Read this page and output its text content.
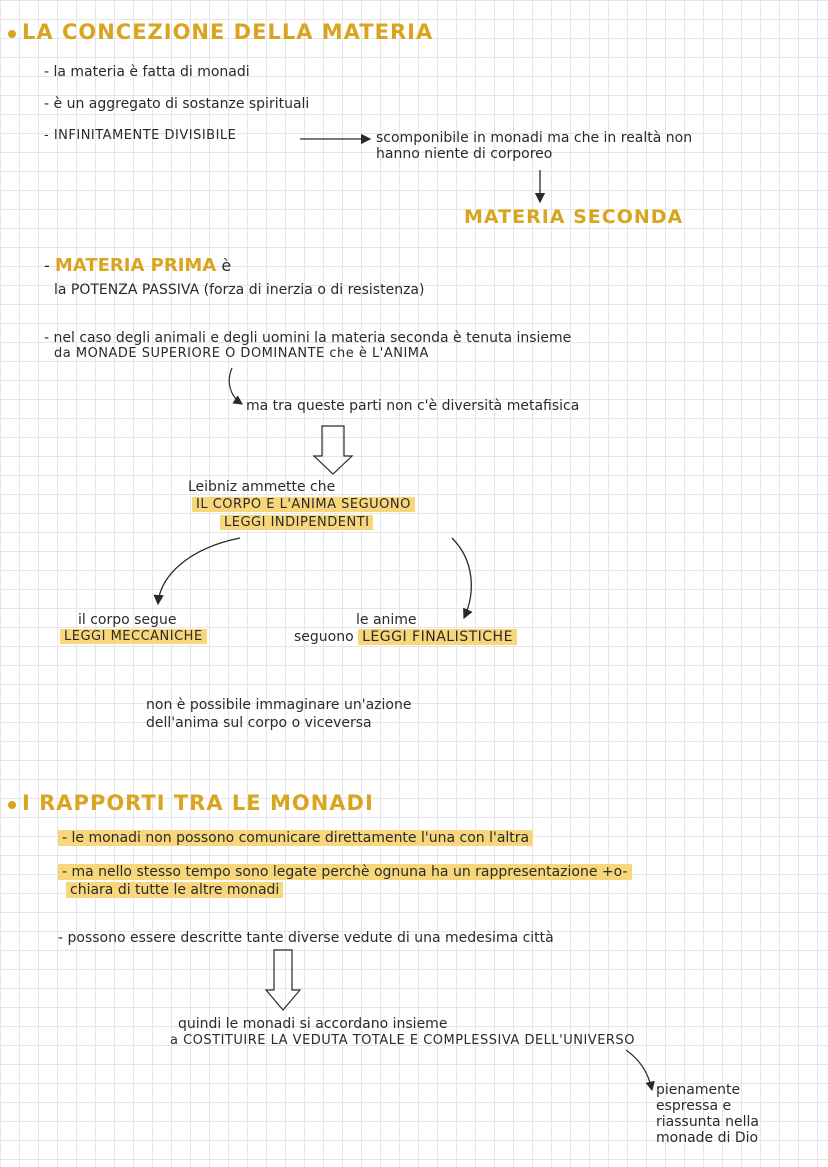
LA CONCEZIONE DELLA MATERIA
- la materia è fatta di monadi
- è un aggregato di sostanze spirituali
- INFINITAMENTE DIVISIBILE	scomponibile in monadi ma che in realtà non
hanno niente di corporeo
MATERIA SECONDA
- MATERIA PRIMA è
la POTENZA PASSIVA (forza di inerzia o di resistenza)
- nel caso degli animali e degli uomini la materia seconda è tenuta insieme
da MONADE SUPERIORE O DOMINANTE che è L'ANIMA
ma tra queste parti non c'è diversità metafisica
Leibniz ammette che
IL CORPO E L'ANIMA SEGUONO
LEGGI INDIPENDENTI
il corpo segue
LEGGI MECCANICHE
le anime
seguono LEGGI FINALISTICHE
non è possibile immaginare un'azione
dell'anima sul corpo o viceversa
I RAPPORTI TRA LE MONADI
- le monadi non possono comunicare direttamente l'una con l'altra
- ma nello stesso tempo sono legate perchè ognuna ha un rappresentazione +o-
chiara di tutte le altre monadi
- possono essere descritte tante diverse vedute di una medesima città
quindi le monadi si accordano insieme
a COSTITUIRE LA VEDUTA TOTALE E COMPLESSIVA DELL'UNIVERSO
pienamente
espressa e
riassunta nella
monade di Dio
